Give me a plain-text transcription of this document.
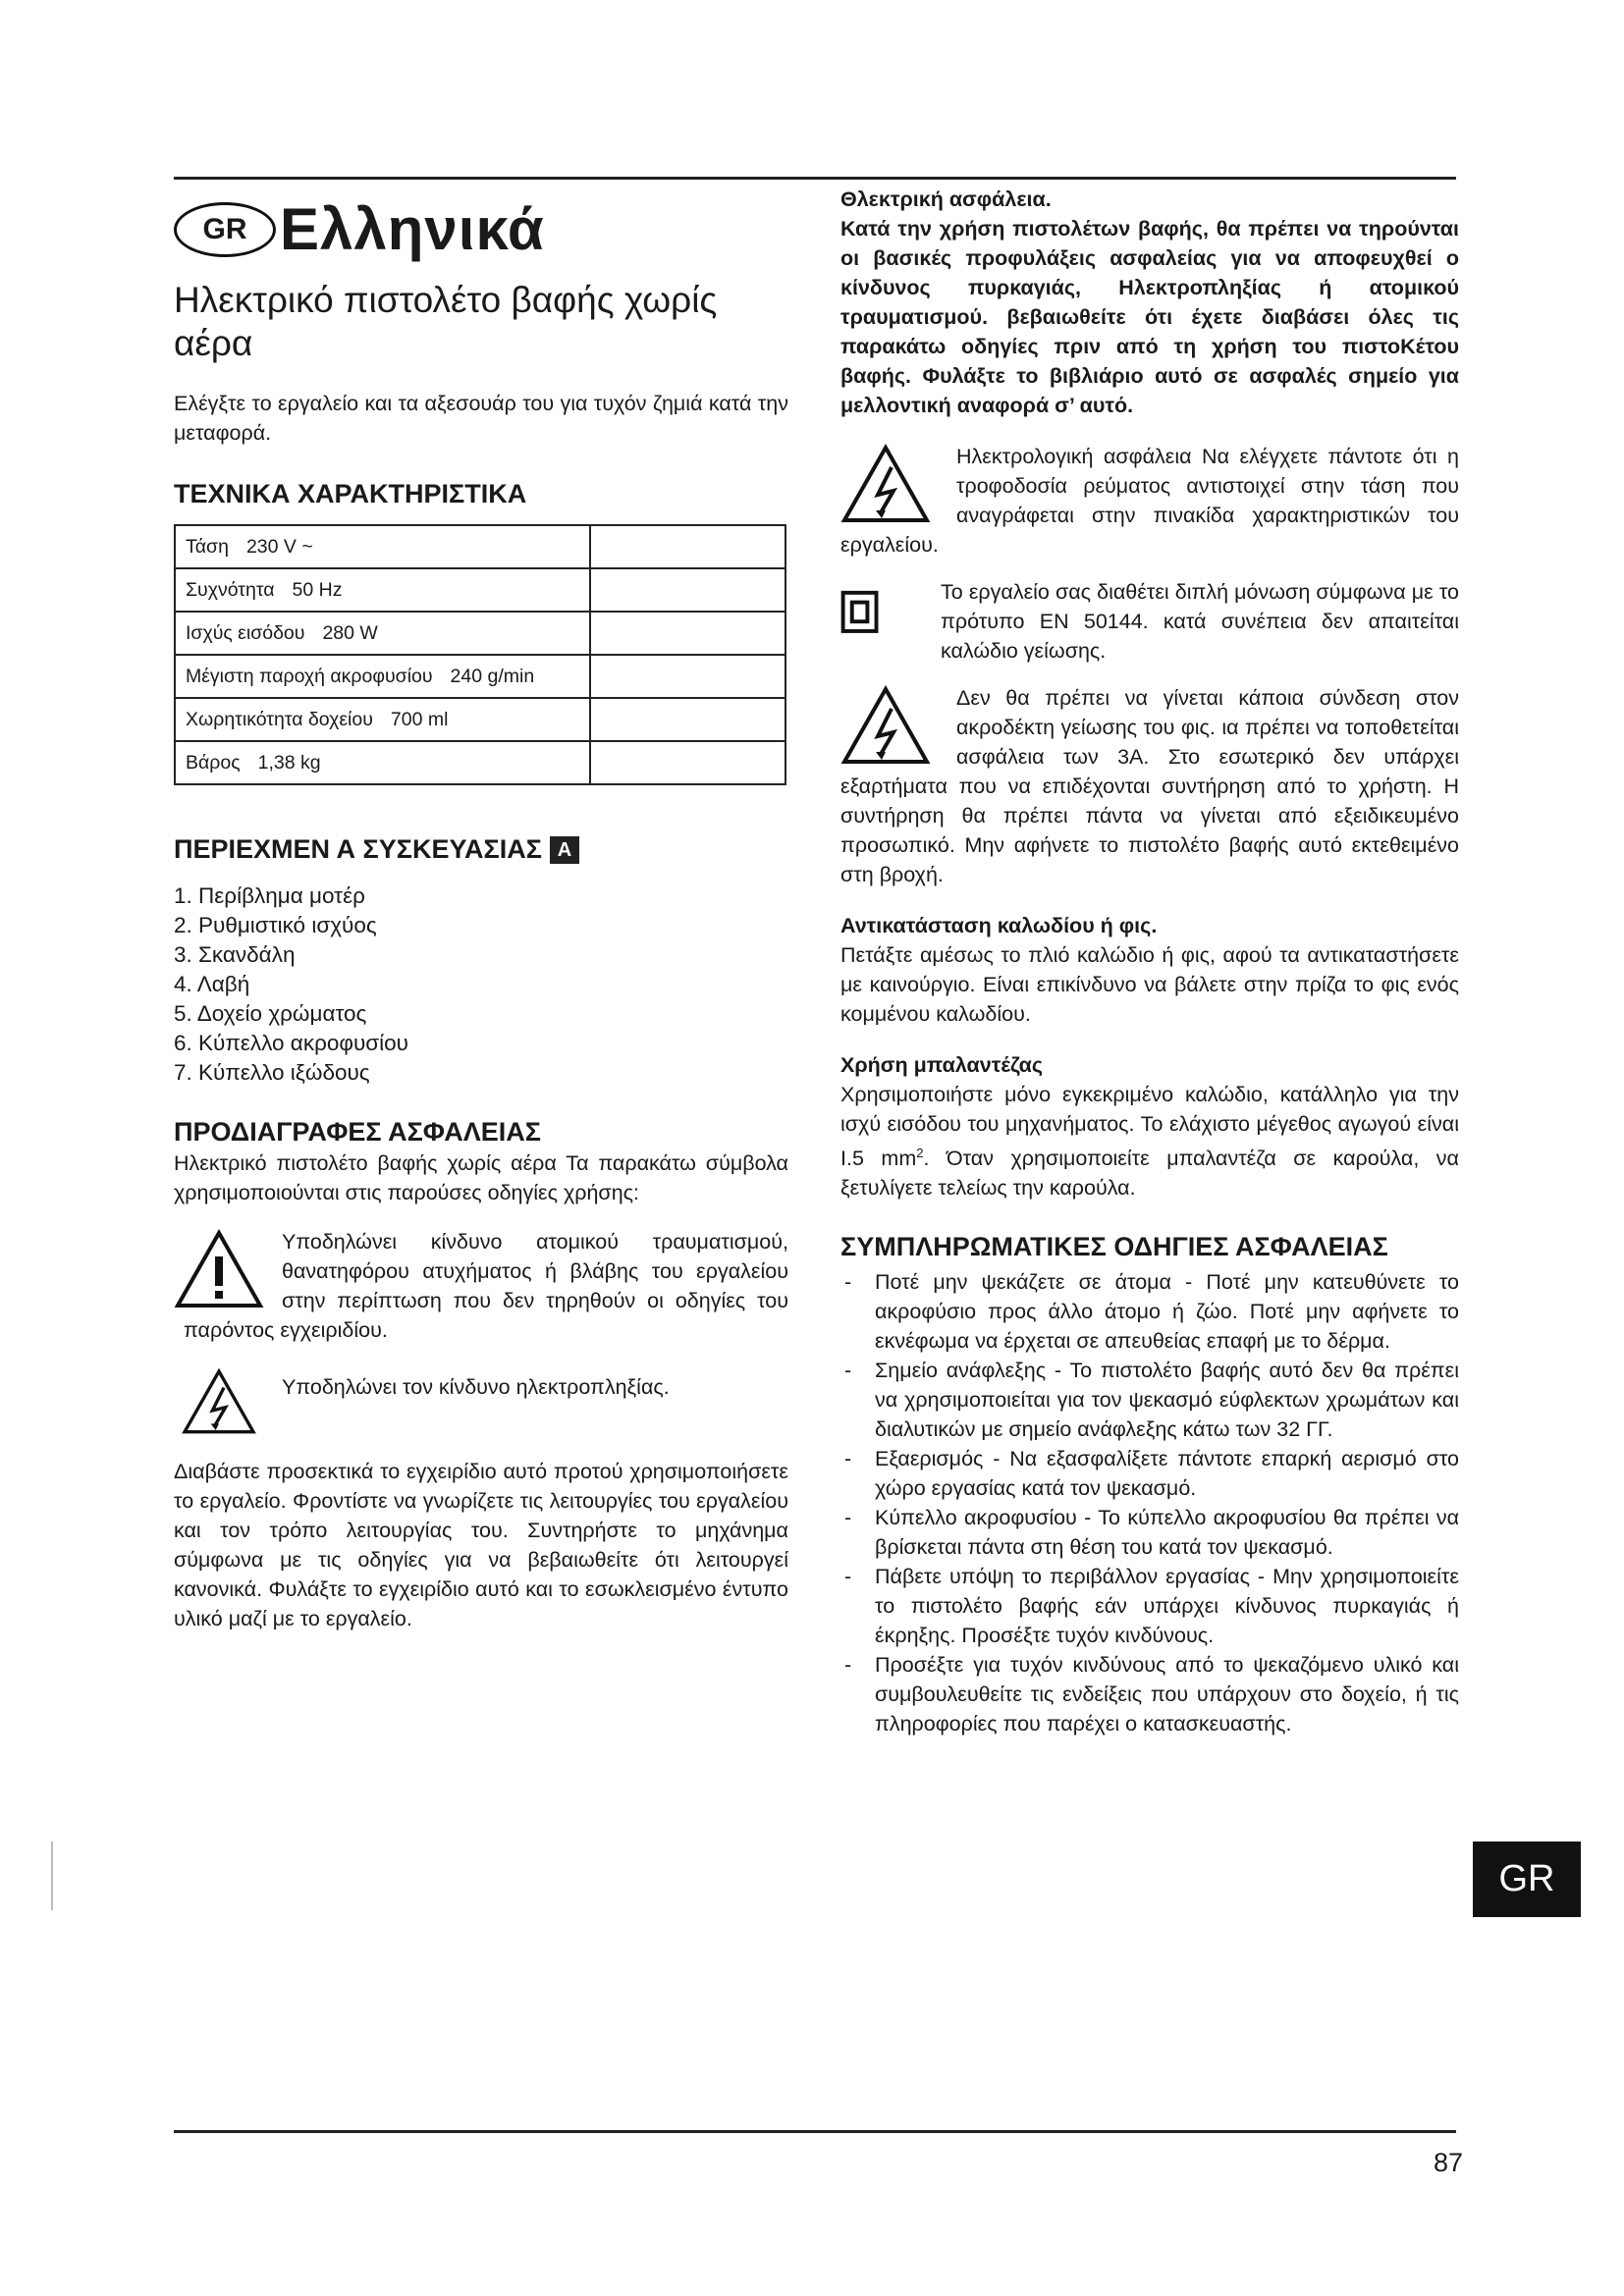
GR Ελληνικά
Ηλεκτρικό πιστολέτο βαφής χωρίς αέρα

Ελέγξτε το εργαλείο και τα αξεσουάρ του για τυχόν ζημιά κατά την μεταφορά.

ΤΕΧΝΙΚΑ ΧΑΡΑΚΤΗΡΙΣΤΙΚΑ
Τάση 230 V ~	
Συχνότητα 50 Hz	
Ισχύς εισόδου 280 W	
Μέγιστη παροχή ακροφυσίου 240 g/min	
Χωρητικότητα δοχείου 700 ml	
Βάρος 1,38 kg	
ΠΕΡΙΕΧΜΕΝ Α ΣΥΣΚΕΥΑΣΙΑΣ A
1. Περίβλημα μοτέρ
2. Ρυθμιστικό ισχύος
3. Σκανδάλη
4. Λαβή
5. Δοχείο χρώματος
6. Κύπελλο ακροφυσίου
7. Κύπελλο ιξώδους
ΠΡΟΔΙΑΓΡΑΦΕΣ ΑΣΦΑΛΕΙΑΣ

Ηλεκτρικό πιστολέτο βαφής χωρίς αέρα Τα παρακάτω σύμβολα χρησιμοποιούνται στις παρούσες οδηγίες χρήσης:

Υποδηλώνει κίνδυνο ατομικού τραυματισμού, θανατηφόρου ατυχήματος ή βλάβης του εργαλείου στην περίπτωση που δεν τηρηθούν οι οδηγίες του παρόντος εγχειριδίου.

Υποδηλώνει τον κίνδυνο ηλεκτροπληξίας.

Διαβάστε προσεκτικά το εγχειρίδιο αυτό προτού χρησιμοποιήσετε το εργαλείο. Φροντίστε να γνωρίζετε τις λειτουργίες του εργαλείου και τον τρόπο λειτουργίας του. Συντηρήστε το μηχάνημα σύμφωνα με τις οδηγίες για να βεβαιωθείτε ότι λειτουργεί κανονικά. Φυλάξτε το εγχειρίδιο αυτό και το εσωκλεισμένο έντυπο υλικό μαζί με το εργαλείο.

Θλεκτρική ασφάλεια.

Κατά την χρήση πιστολέτων βαφής, θα πρέπει να τηρούνται οι βασικές προφυλάξεις ασφαλείας για να αποφευχθεί ο κίνδυνος πυρκαγιάς, Ηλεκτροπληξίας ή ατομικού τραυματισμού. βεβαιωθείτε ότι έχετε διαβάσει όλες τις παρακάτω οδηγίες πριν από τη χρήση του πιστοΚέτου βαφής. Φυλάξτε το βιβλιάριο αυτό σε ασφαλές σημείο για μελλοντική αναφορά σ’ αυτό.

Ηλεκτρολογική ασφάλεια Να ελέγχετε πάντοτε ότι η τροφοδοσία ρεύματος αντιστοιχεί στην τάση που αναγράφεται στην πινακίδα χαρακτηριστικών του εργαλείου.

Το εργαλείο σας διαθέτει διπλή μόνωση σύμφωνα με το πρότυπο EN 50144. κατά συνέπεια δεν απαιτείται καλώδιο γείωσης.

Δεν θα πρέπει να γίνεται κάποια σύνδεση στον ακροδέκτη γείωσης του φις. ια πρέπει να τοποθετείται ασφάλεια των 3Α. Στο εσωτερικό δεν υπάρχει εξαρτήματα που να επιδέχονται συντήρηση από το χρήστη. Η συντήρηση θα πρέπει πάντα να γίνεται από εξειδικευμένο προσωπικό. Μην αφήνετε το πιστολέτο βαφής αυτό εκτεθειμένο στη βροχή.

Αντικατάσταση καλωδίου ή φις.

Πετάξτε αμέσως το πλιό καλώδιο ή φις, αφού τα αντικαταστήσετε με καινούργιο. Είναι επικίνδυνο να βάλετε στην πρίζα το φις ενός κομμένου καλωδίου.

Χρήση μπαλαντέζας

Χρησιμοποιήστε μόνο εγκεκριμένο καλώδιο, κατάλληλο για την ισχύ εισόδου του μηχανήματος. Το ελάχιστο μέγεθος αγωγού είναι I.5 $mm^2$. Όταν χρησιμοποιείτε μπαλαντέζα σε καρούλα, να ξετυλίγετε τελείως την καρούλα.

ΣΥΜΠΛΗΡΩΜΑΤΙΚΕΣ ΟΔΗΓΙΕΣ ΑΣΦΑΛΕΙΑΣ
- Ποτέ μην ψεκάζετε σε άτομα - Ποτέ μην κατευθύνετε το ακροφύσιο προς άλλο άτομο ή ζώο. Ποτέ μην αφήνετε το εκνέφωμα να έρχεται σε απευθείας επαφή με το δέρμα.
- Σημείο ανάφλεξης - Το πιστολέτο βαφής αυτό δεν θα πρέπει να χρησιμοποιείται για τον ψεκασμό εύφλεκτων χρωμάτων και διαλυτικών με σημείο ανάφλεξης κάτω των 32 ΓΓ.
- Εξαερισμός - Να εξασφαλίξετε πάντοτε επαρκή αερισμό στο χώρο εργασίας κατά τον ψεκασμό.
- Κύπελλο ακροφυσίου - Το κύπελλο ακροφυσίου θα πρέπει να βρίσκεται πάντα στη θέση του κατά τον ψεκασμό.
- Πάβετε υπόψη το περιβάλλον εργασίας - Μην χρησιμοποιείτε το πιστολέτο βαφής εάν υπάρχει κίνδυνος πυρκαγιάς ή έκρηξης. Προσέξτε τυχόν κινδύνους.
- Προσέξτε για τυχόν κινδύνους από το ψεκαζόμενο υλικό και συμβουλευθείτε τις ενδείξεις που υπάρχουν στο δοχείο, ή τις πληροφορίες που παρέχει ο κατασκευαστής.
GR
87
